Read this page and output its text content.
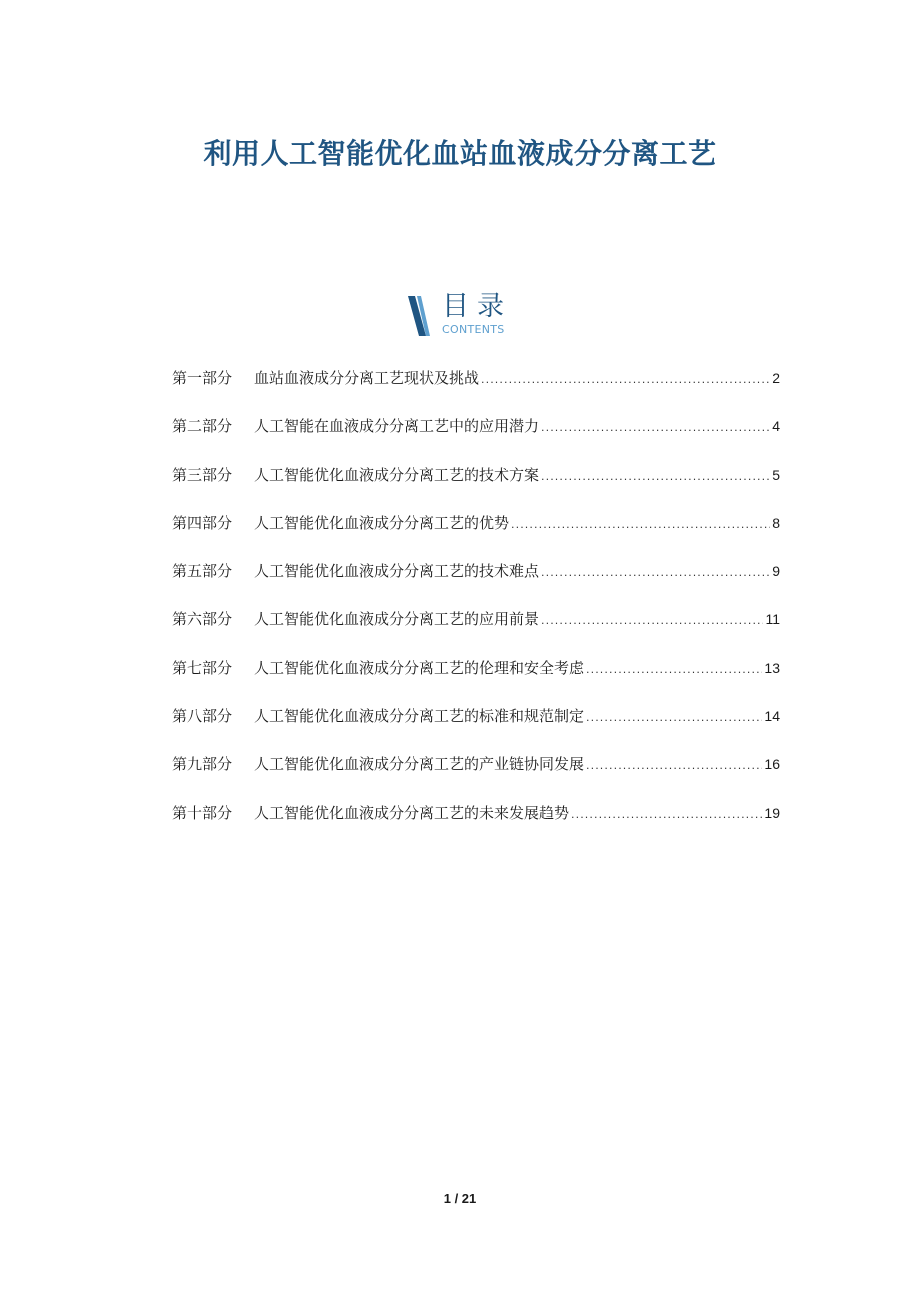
利用人工智能优化血站血液成分分离工艺
目录
CONTENTS
第一部分	血站血液成分分离工艺现状及挑战 .....	2
第二部分	人工智能在血液成分分离工艺中的应用潜力 .....	4
第三部分	人工智能优化血液成分分离工艺的技术方案 .....	5
第四部分	人工智能优化血液成分分离工艺的优势 .....	8
第五部分	人工智能优化血液成分分离工艺的技术难点 .....	9
第六部分	人工智能优化血液成分分离工艺的应用前景 .....	11
第七部分	人工智能优化血液成分分离工艺的伦理和安全考虑 .....	13
第八部分	人工智能优化血液成分分离工艺的标准和规范制定 .....	14
第九部分	人工智能优化血液成分分离工艺的产业链协同发展 .....	16
第十部分	人工智能优化血液成分分离工艺的未来发展趋势 .....	19
1 / 21
